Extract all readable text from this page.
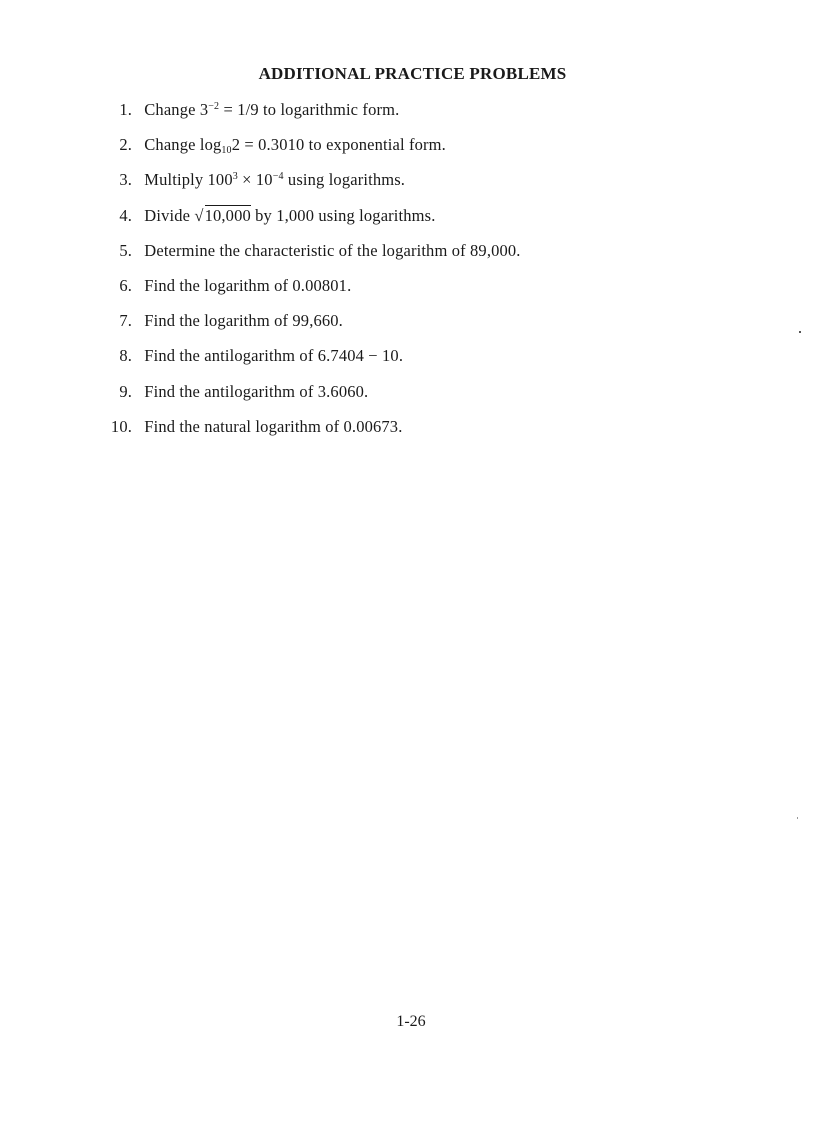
ADDITIONAL PRACTICE PROBLEMS
1. Change $3^{-2} = 1/9$ to logarithmic form.
2. Change $\log_{10}2 = 0.3010$ to exponential form.
3. Multiply $100^3 \times 10^{-4}$ using logarithms.
4. Divide √10,000 by 1,000 using logarithms.
5. Determine the characteristic of the logarithm of 89,000.
6. Find the logarithm of 0.00801.
7. Find the logarithm of 99,660.
8. Find the antilogarithm of 6.7404 − 10.
9. Find the antilogarithm of 3.6060.
10. Find the natural logarithm of 0.00673.
1-26
